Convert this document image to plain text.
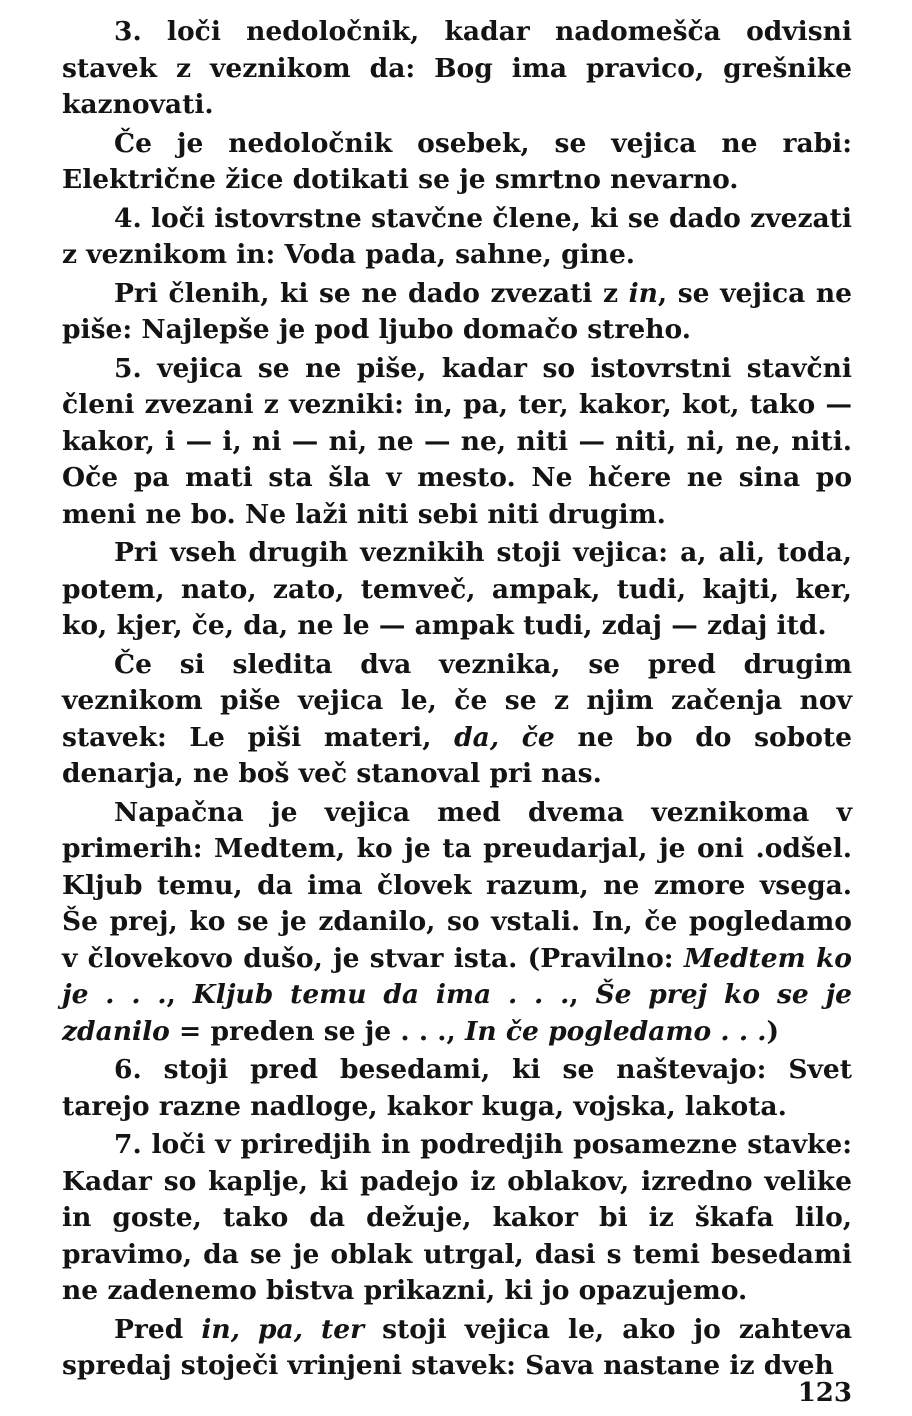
3. loči nedoločnik, kadar nadomešča odvisni stavek z veznikom da: Bog ima pravico, grešnike kaznovati.

Če je nedoločnik osebek, se vejica ne rabi: Električne žice dotikati se je smrtno nevarno.

4. loči istovrstne stavčne člene, ki se dado zvezati z veznikom in: Voda pada, sahne, gine.

Pri členih, ki se ne dado zvezati z in, se vejica ne piše: Najlepše je pod ljubo domačo streho.

5. vejica se ne piše, kadar so istovrstni stavčni členi zvezani z vezniki: in, pa, ter, kakor, kot, tako — kakor, i — i, ni — ni, ne — ne, niti — niti, ni, ne, niti. Oče pa mati sta šla v mesto. Ne hčere ne sina po meni ne bo. Ne laži niti sebi niti drugim.

Pri vseh drugih veznikih stoji vejica: a, ali, toda, potem, nato, zato, temveč, ampak, tudi, kajti, ker, ko, kjer, če, da, ne le — ampak tudi, zdaj — zdaj itd.

Če si sledita dva veznika, se pred drugim veznikom piše vejica le, če se z njim začenja nov stavek: Le piši materi, da, če ne bo do sobote denarja, ne boš več stanoval pri nas.

Napačna je vejica med dvema veznikoma v primerih: Medtem, ko je ta preudarjal, je oni .odšel. Kljub temu, da ima človek razum, ne zmore vsega. Še prej, ko se je zdanilo, so vstali. In, če pogledamo v človekovo dušo, je stvar ista. (Pravilno: Medtem ko je . . ., Kljub temu da ima . . ., Še prej ko se je zdanilo = preden se je . . ., In če pogledamo . . .)

6. stoji pred besedami, ki se naštevajo: Svet tarejo razne nadloge, kakor kuga, vojska, lakota.

7. loči v priredjih in podredjih posamezne stavke: Kadar so kaplje, ki padejo iz oblakov, izredno velike in goste, tako da dežuje, kakor bi iz škafa lilo, pravimo, da se je oblak utrgal, dasi s temi besedami ne zadenemo bistva prikazni, ki jo opazujemo.

Pred in, pa, ter stoji vejica le, ako jo zahteva spredaj stoječi vrinjeni stavek: Sava nastane iz dveh

123
